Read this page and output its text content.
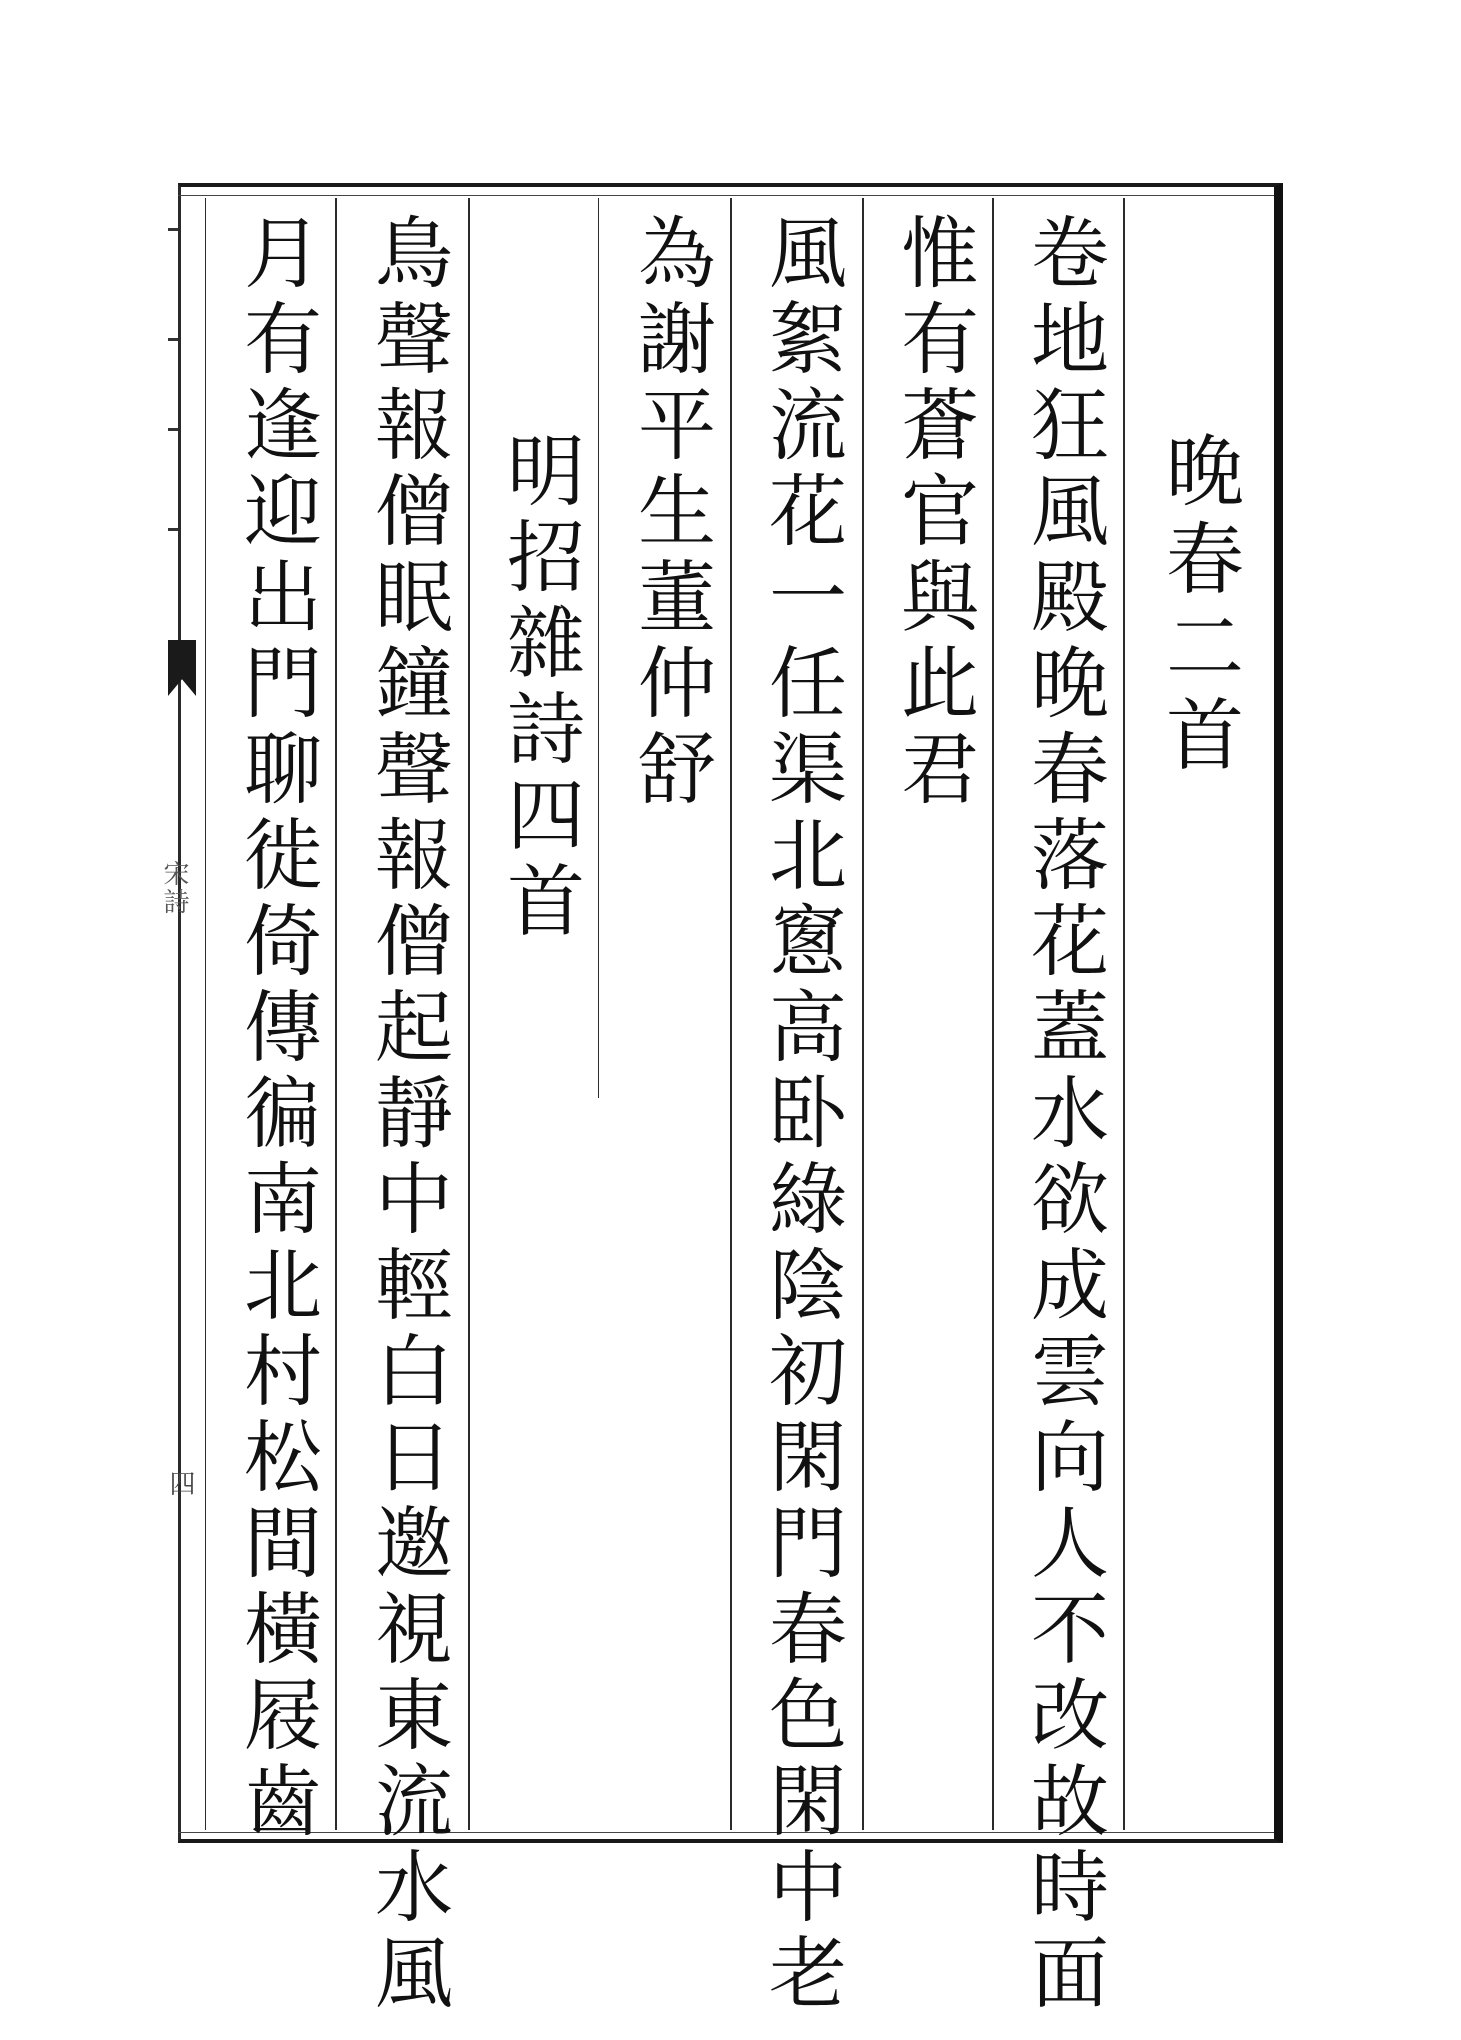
宋詩
四
晚春二首
卷地狂風殿晚春落花蓋水欲成雲向人不改故時面
惟有蒼官與此君
風絮流花一任渠北窻高卧綠陰初閑門春色閑中老
為謝平生董仲舒
明招雜詩四首
鳥聲報僧眠鐘聲報僧起靜中輕白日邀視東流水風
月有逢迎出門聊徙倚傳徧南北村松間橫屐齒
